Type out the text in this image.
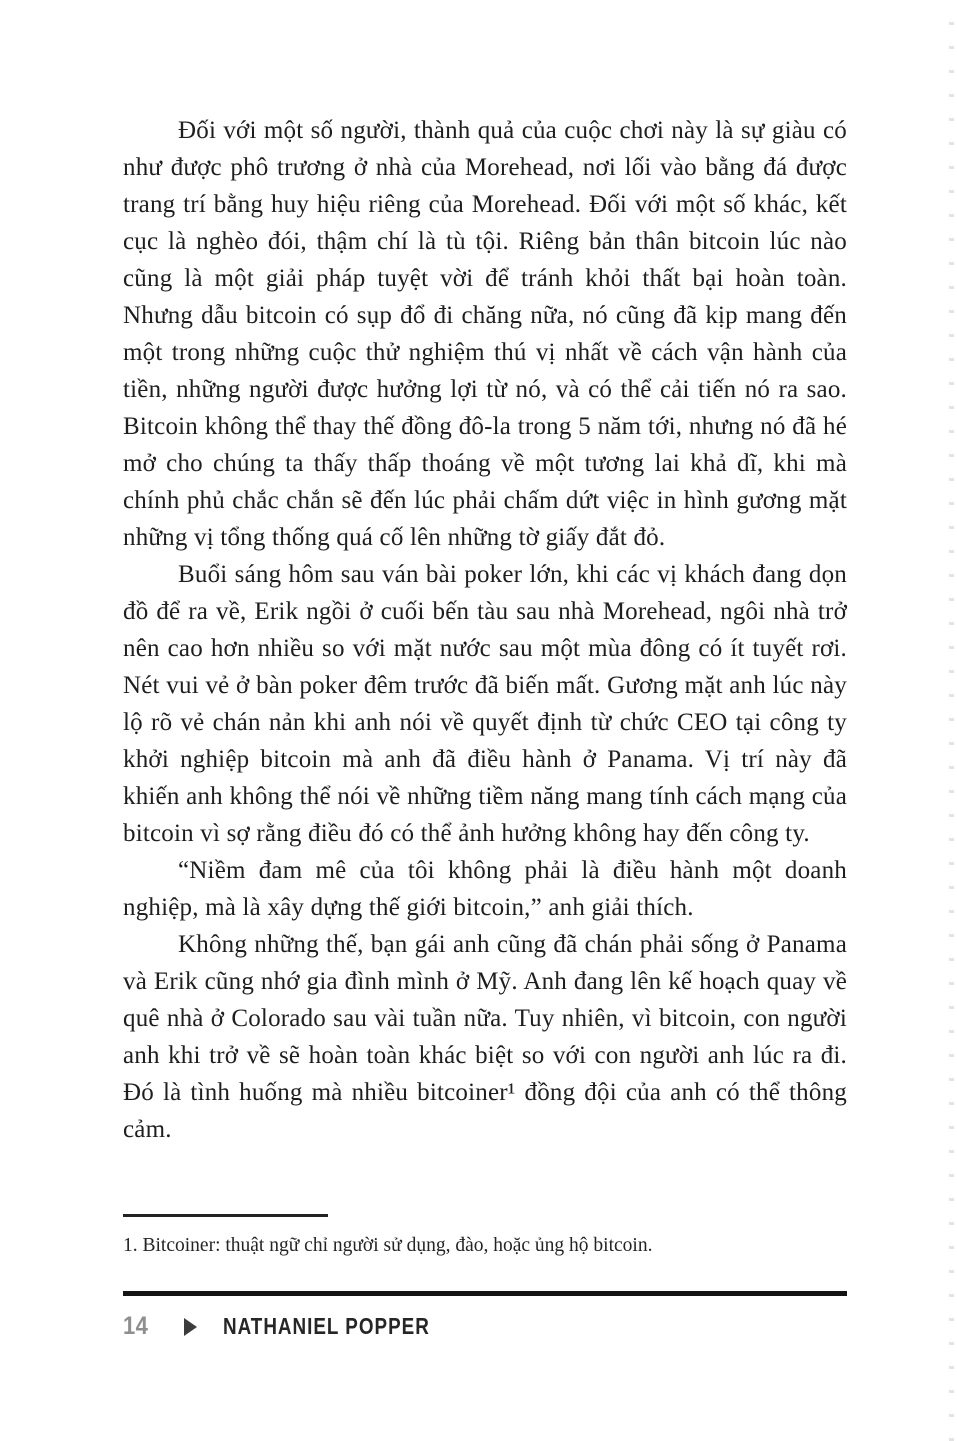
Đối với một số người, thành quả của cuộc chơi này là sự giàu có như được phô trương ở nhà của Morehead, nơi lối vào bằng đá được trang trí bằng huy hiệu riêng của Morehead. Đối với một số khác, kết cục là nghèo đói, thậm chí là tù tội. Riêng bản thân bitcoin lúc nào cũng là một giải pháp tuyệt vời để tránh khỏi thất bại hoàn toàn. Nhưng dẫu bitcoin có sụp đổ đi chăng nữa, nó cũng đã kịp mang đến một trong những cuộc thử nghiệm thú vị nhất về cách vận hành của tiền, những người được hưởng lợi từ nó, và có thể cải tiến nó ra sao. Bitcoin không thể thay thế đồng đô-la trong 5 năm tới, nhưng nó đã hé mở cho chúng ta thấy thấp thoáng về một tương lai khả dĩ, khi mà chính phủ chắc chắn sẽ đến lúc phải chấm dứt việc in hình gương mặt những vị tổng thống quá cố lên những tờ giấy đắt đỏ.

Buổi sáng hôm sau ván bài poker lớn, khi các vị khách đang dọn đồ để ra về, Erik ngồi ở cuối bến tàu sau nhà Morehead, ngôi nhà trở nên cao hơn nhiều so với mặt nước sau một mùa đông có ít tuyết rơi. Nét vui vẻ ở bàn poker đêm trước đã biến mất. Gương mặt anh lúc này lộ rõ vẻ chán nản khi anh nói về quyết định từ chức CEO tại công ty khởi nghiệp bitcoin mà anh đã điều hành ở Panama. Vị trí này đã khiến anh không thể nói về những tiềm năng mang tính cách mạng của bitcoin vì sợ rằng điều đó có thể ảnh hưởng không hay đến công ty.

“Niềm đam mê của tôi không phải là điều hành một doanh nghiệp, mà là xây dựng thế giới bitcoin,” anh giải thích.

Không những thế, bạn gái anh cũng đã chán phải sống ở Panama và Erik cũng nhớ gia đình mình ở Mỹ. Anh đang lên kế hoạch quay về quê nhà ở Colorado sau vài tuần nữa. Tuy nhiên, vì bitcoin, con người anh khi trở về sẽ hoàn toàn khác biệt so với con người anh lúc ra đi. Đó là tình huống mà nhiều bitcoiner¹ đồng đội của anh có thể thông cảm.

1. Bitcoiner: thuật ngữ chỉ người sử dụng, đào, hoặc ủng hộ bitcoin.

14	NATHANIEL POPPER
